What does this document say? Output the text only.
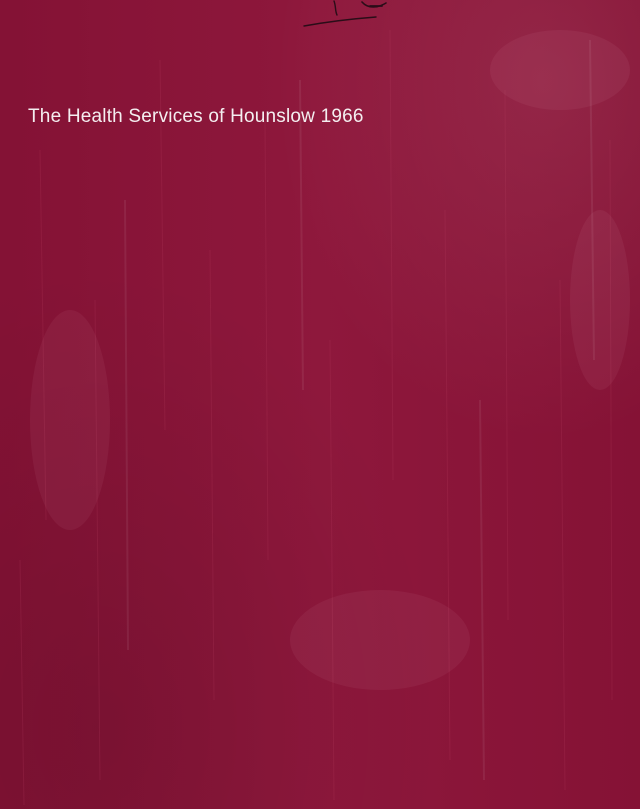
The Health Services of Hounslow 1966
